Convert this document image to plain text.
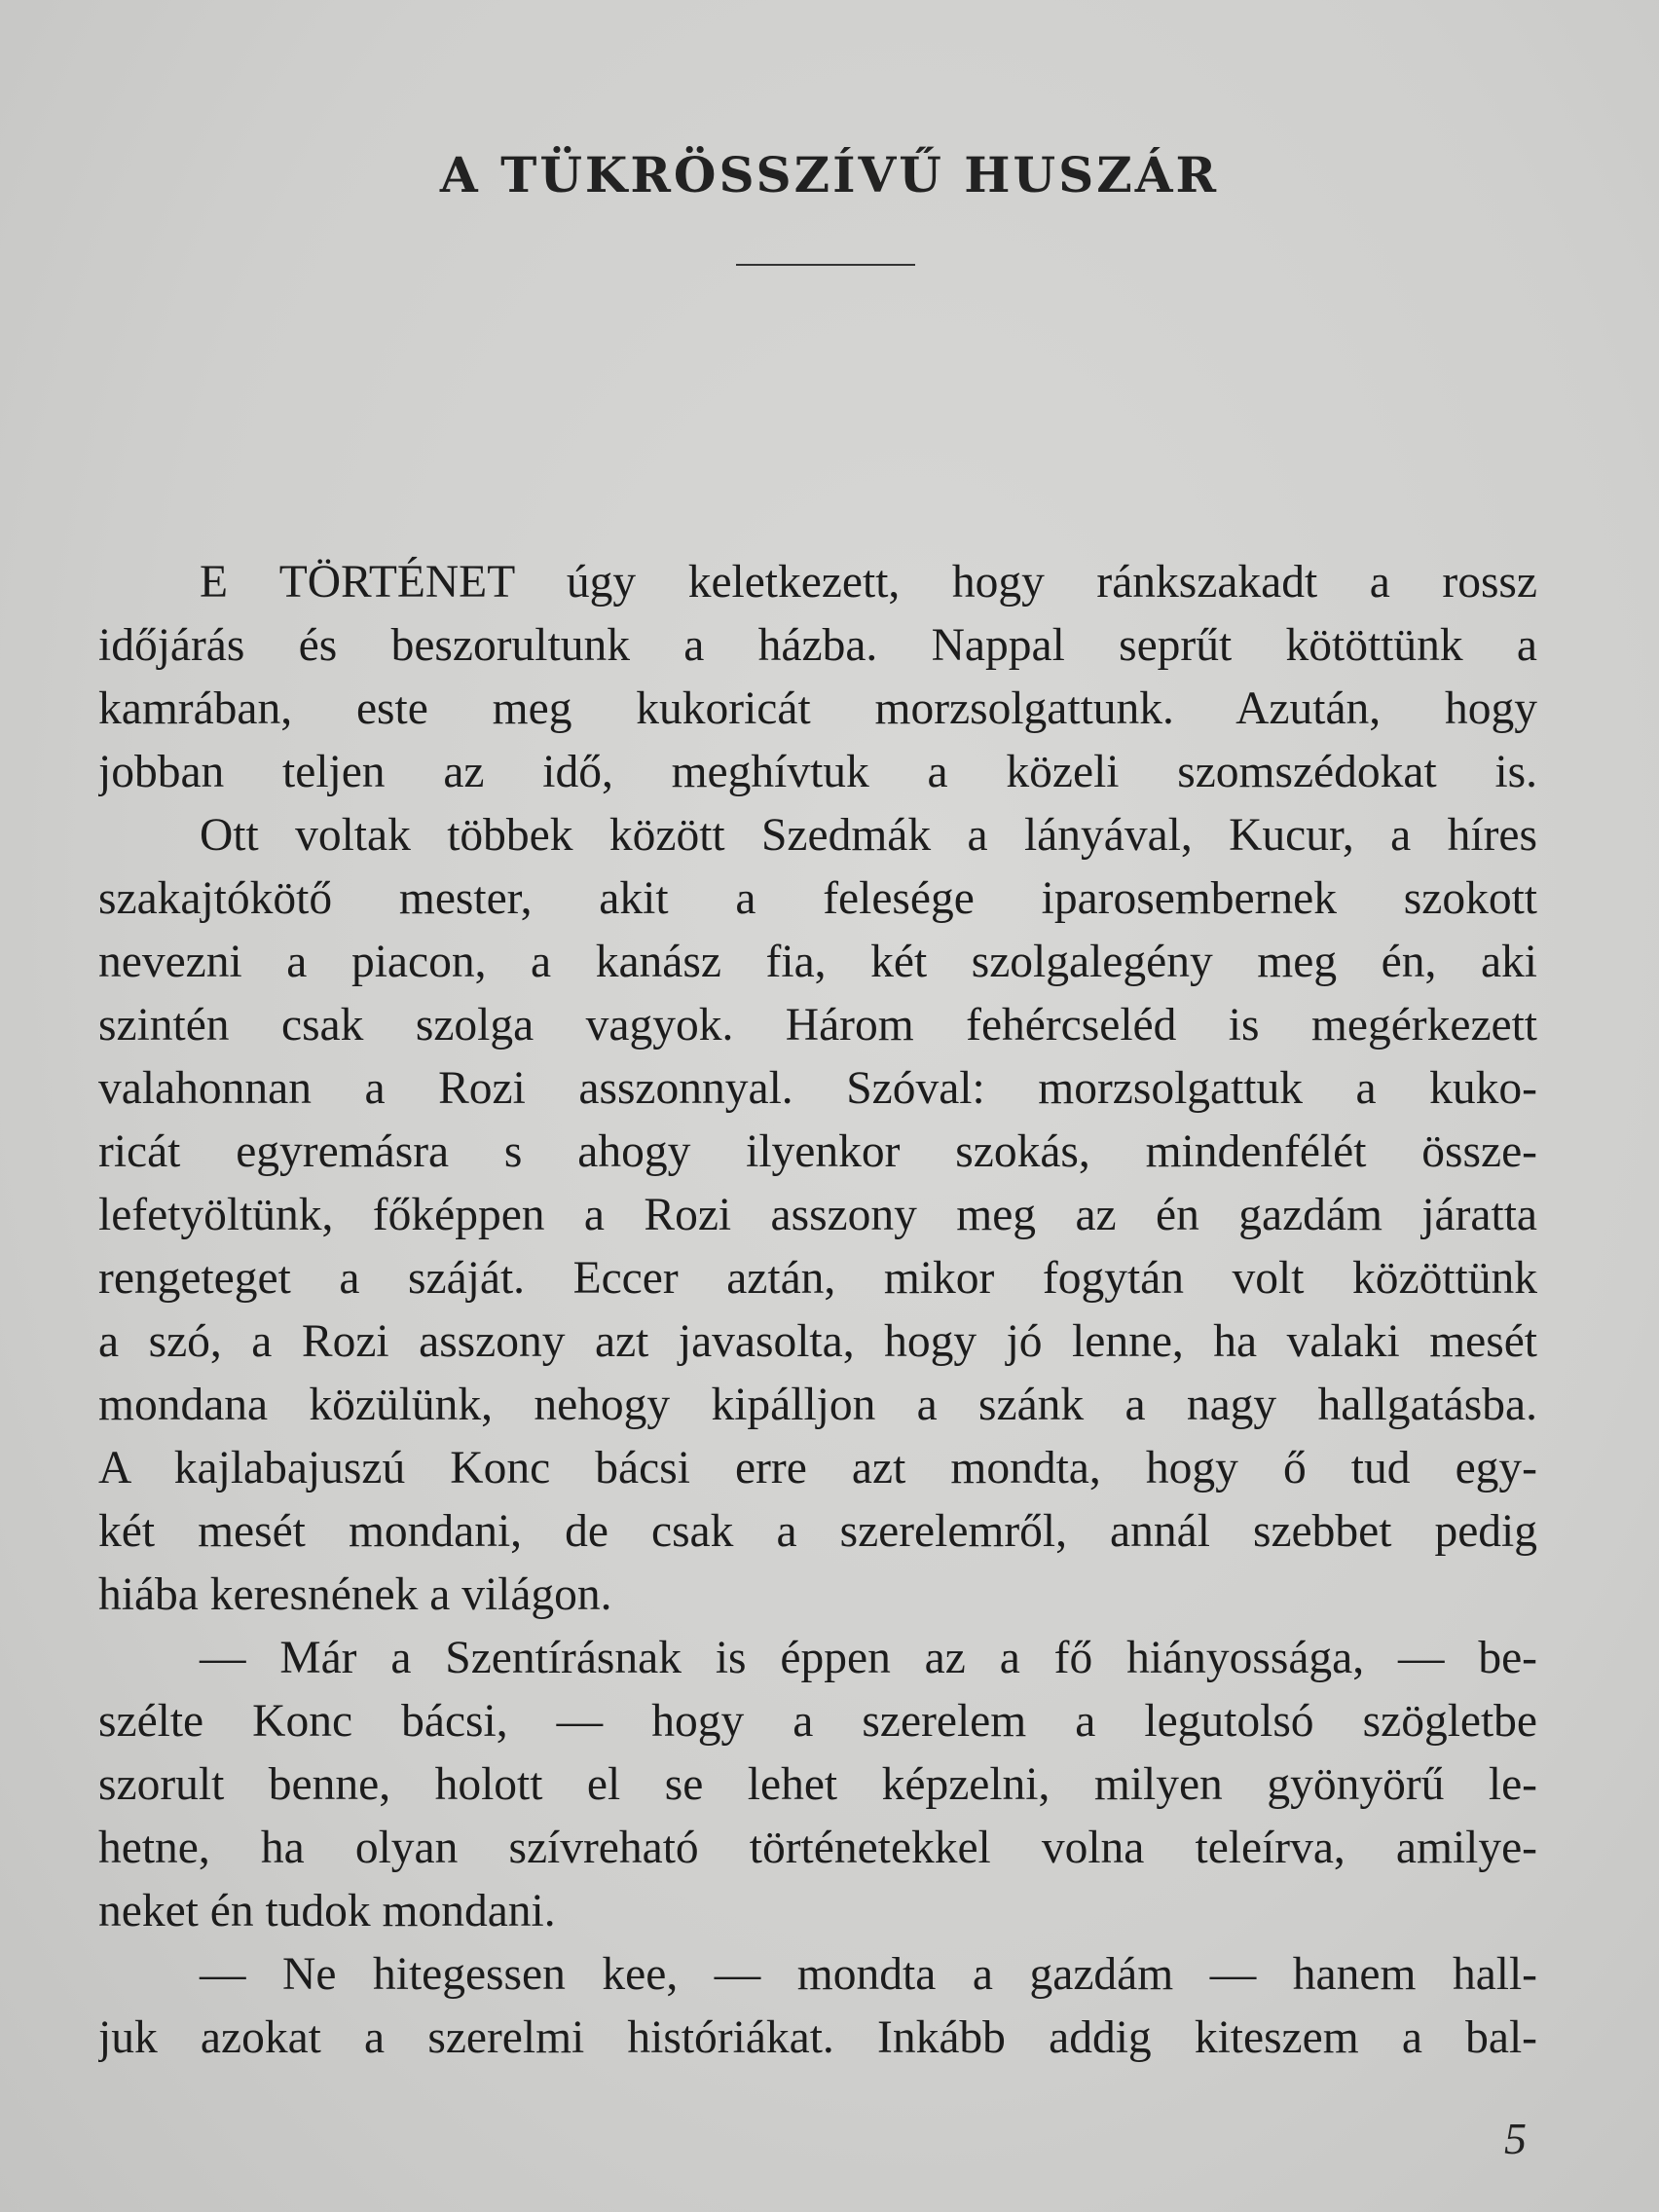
A TÜKRÖSSZÍVŰ HUSZÁR
E TÖRTÉNET úgy keletkezett, hogy ránkszakadt a rossz
időjárás és beszorultunk a házba. Nappal seprűt kötöttünk a
kamrában, este meg kukoricát morzsolgattunk. Azután, hogy
jobban teljen az idő, meghívtuk a közeli szomszédokat is.
Ott voltak többek között Szedmák a lányával, Kucur, a híres
szakajtókötő mester, akit a felesége iparosembernek szokott
nevezni a piacon, a kanász fia, két szolgalegény meg én, aki
szintén csak szolga vagyok. Három fehércseléd is megérkezett
valahonnan a Rozi asszonnyal. Szóval: morzsolgattuk a kuko-
ricát egyremásra s ahogy ilyenkor szokás, mindenfélét össze-
lefetyöltünk, főképpen a Rozi asszony meg az én gazdám járatta
rengeteget a száját. Eccer aztán, mikor fogytán volt közöttünk
a szó, a Rozi asszony azt javasolta, hogy jó lenne, ha valaki mesét
mondana közülünk, nehogy kipálljon a szánk a nagy hallgatásba.
A kajlabajuszú Konc bácsi erre azt mondta, hogy ő tud egy-
két mesét mondani, de csak a szerelemről, annál szebbet pedig
hiába keresnének a világon.
— Már a Szentírásnak is éppen az a fő hiányossága, — be-
szélte Konc bácsi, — hogy a szerelem a legutolsó szögletbe
szorult benne, holott el se lehet képzelni, milyen gyönyörű le-
hetne, ha olyan szívreható történetekkel volna teleírva, amilye-
neket én tudok mondani.
— Ne hitegessen kee, — mondta a gazdám — hanem hall-
juk azokat a szerelmi históriákat. Inkább addig kiteszem a bal-
5
